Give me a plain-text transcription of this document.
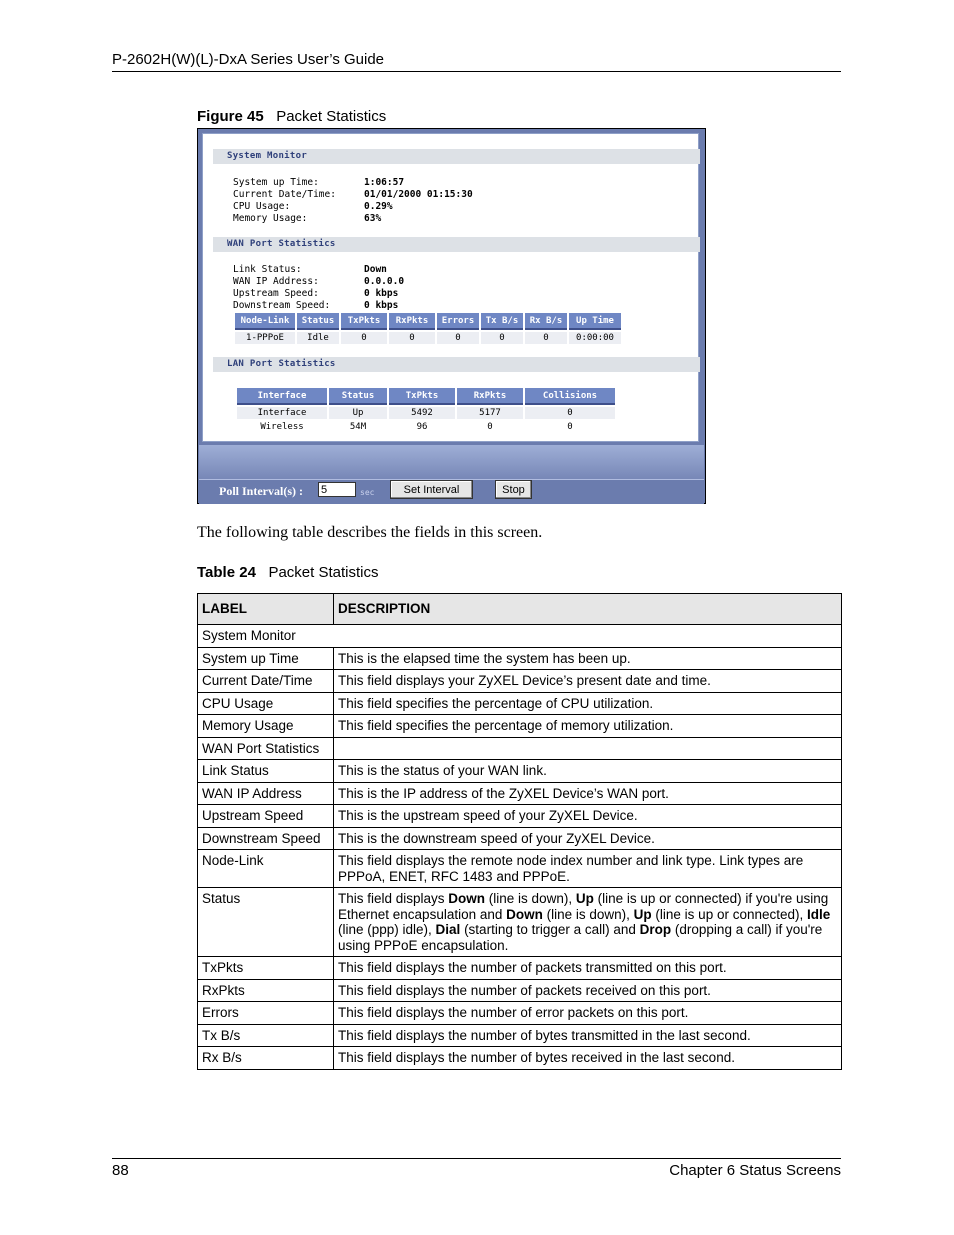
P-2602H(W)(L)-DxA Series User’s Guide
Figure 45 Packet Statistics
System Monitor
System up Time:	1:06:57
Current Date/Time:	01/01/2000 01:15:30
CPU Usage:	0.29%
Memory Usage:	63%
WAN Port Statistics
Link Status:	Down
WAN IP Address:	0.0.0.0
Upstream Speed:	0 kbps
Downstream Speed:	0 kbps
Node-Link	Status	TxPkts	RxPkts	Errors	Tx B/s	Rx B/s	Up Time
1-PPPoE	Idle	0	0	0	0	0	0:00:00
LAN Port Statistics
Interface	Status	TxPkts	RxPkts	Collisions
Interface	Up	5492	5177	0
Wireless	54M	96	0	0
Poll Interval(s) :
5	sec	Set Interval	Stop
The following table describes the fields in this screen.
Table 24 Packet Statistics
LABEL	DESCRIPTION
System Monitor	
System up Time	This is the elapsed time the system has been up.
Current Date/Time	This field displays your ZyXEL Device’s present date and time.
CPU Usage	This field specifies the percentage of CPU utilization.
Memory Usage	This field specifies the percentage of memory utilization.
WAN Port Statistics	
Link Status	This is the status of your WAN link.
WAN IP Address	This is the IP address of the ZyXEL Device’s WAN port.
Upstream Speed	This is the upstream speed of your ZyXEL Device.
Downstream Speed	This is the downstream speed of your ZyXEL Device.
Node-Link	This field displays the remote node index number and link type. Link types are PPPoA, ENET, RFC 1483 and PPPoE.
Status	This field displays Down (line is down), Up (line is up or connected) if you're using Ethernet encapsulation and Down (line is down), Up (line is up or connected), Idle (line (ppp) idle), Dial (starting to trigger a call) and Drop (dropping a call) if you're using PPPoE encapsulation.
TxPkts	This field displays the number of packets transmitted on this port.
RxPkts	This field displays the number of packets received on this port.
Errors	This field displays the number of error packets on this port.
Tx B/s	This field displays the number of bytes transmitted in the last second.
Rx B/s	This field displays the number of bytes received in the last second.
88	Chapter 6 Status Screens
